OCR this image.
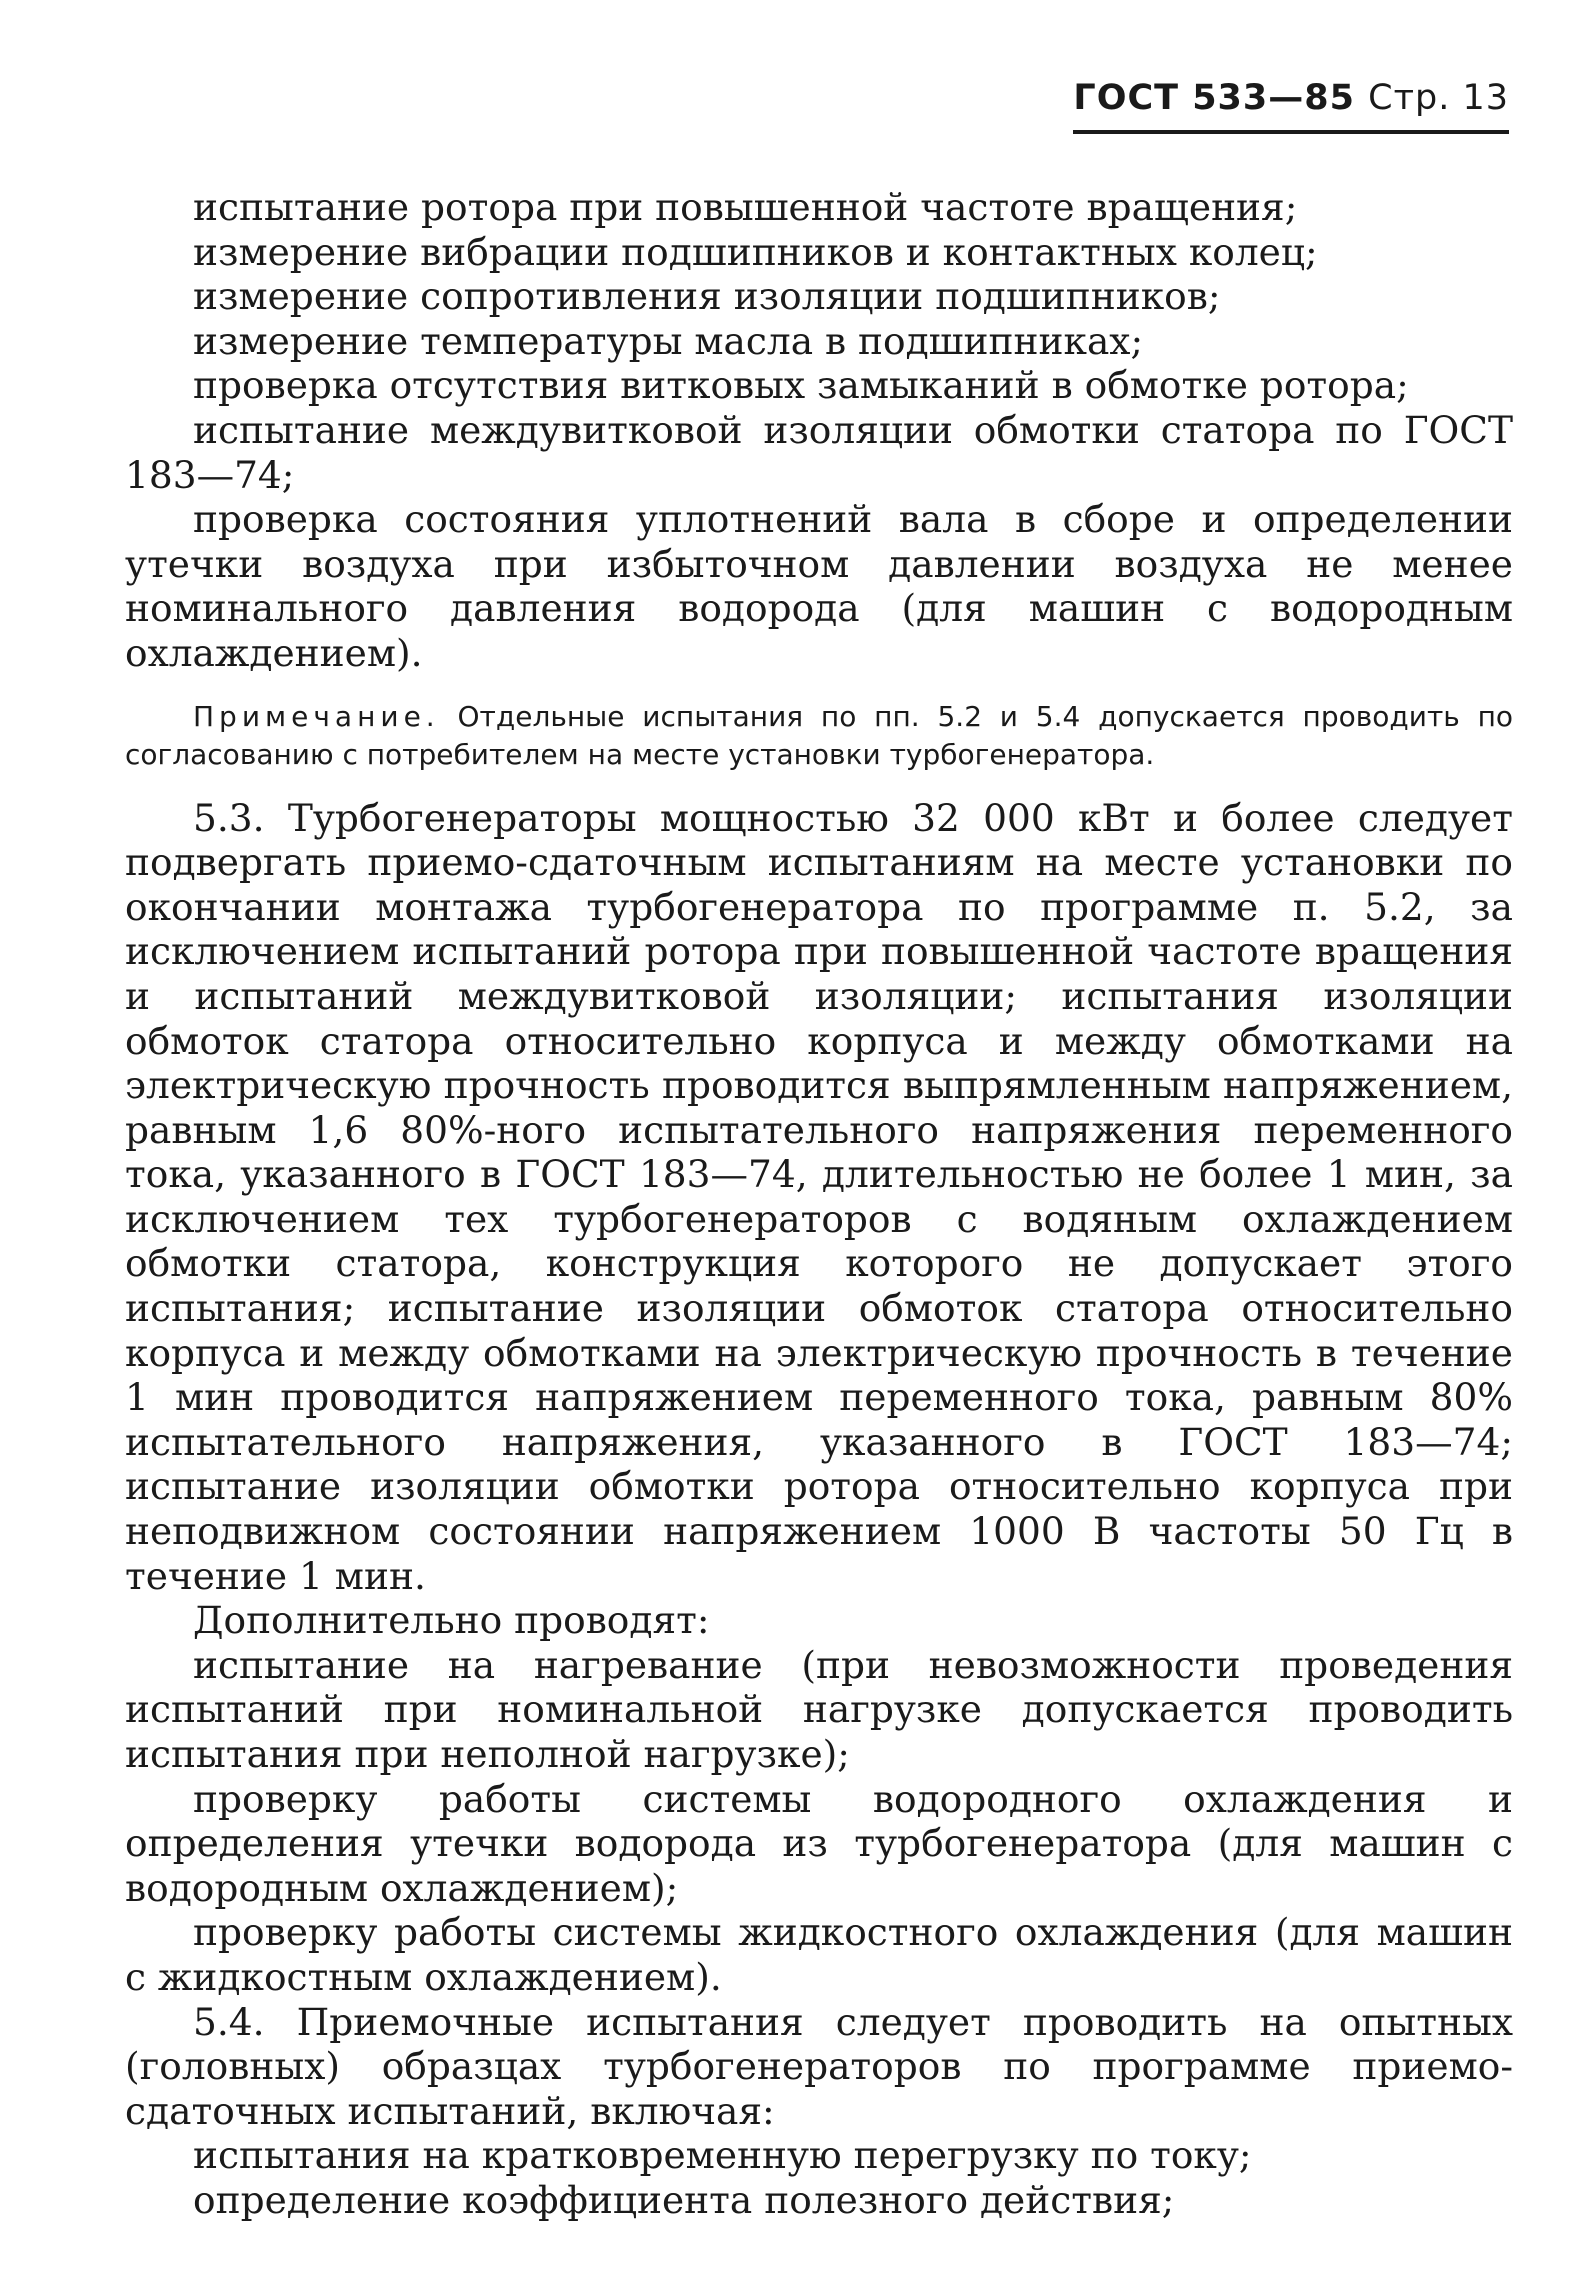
ГОСТ 533—85 Стр. 13

испытание ротора при повышенной частоте вращения;

измерение вибрации подшипников и контактных колец;

измерение сопротивления изоляции подшипников;

измерение температуры масла в подшипниках;

проверка отсутствия витковых замыканий в обмотке ротора;

испытание междувитковой изоляции обмотки статора по ГОСТ 183—74;

проверка состояния уплотнений вала в сборе и определении утечки воздуха при избыточном давлении воздуха не менее номинального давления водорода (для машин с водородным охлаждением).

Примечание. Отдельные испытания по пп. 5.2 и 5.4 допускается проводить по согласованию с потребителем на месте установки турбогенератора.

5.3. Турбогенераторы мощностью 32 000 кВт и более следует подвергать приемо-сдаточным испытаниям на месте установки по окончании монтажа турбогенератора по программе п. 5.2, за исключением испытаний ротора при повышенной частоте вращения и испытаний междувитковой изоляции; испытания изоляции обмоток статора относительно корпуса и между обмотками на электрическую прочность проводится выпрямленным напряжением, равным 1,6 80%-ного испытательного напряжения переменного тока, указанного в ГОСТ 183—74, длительностью не более 1 мин, за исключением тех турбогенераторов с водяным охлаждением обмотки статора, конструкция которого не допускает этого испытания; испытание изоляции обмоток статора относительно корпуса и между обмотками на электрическую прочность в течение 1 мин проводится напряжением переменного тока, равным 80% испытательного напряжения, указанного в ГОСТ 183—74; испытание изоляции обмотки ротора относительно корпуса при неподвижном состоянии напряжением 1000 В частоты 50 Гц в течение 1 мин.

Дополнительно проводят:

испытание на нагревание (при невозможности проведения испытаний при номинальной нагрузке допускается проводить испытания при неполной нагрузке);

проверку работы системы водородного охлаждения и определения утечки водорода из турбогенератора (для машин с водородным охлаждением);

проверку работы системы жидкостного охлаждения (для машин с жидкостным охлаждением).

5.4. Приемочные испытания следует проводить на опытных (головных) образцах турбогенераторов по программе приемо-сдаточных испытаний, включая:

испытания на кратковременную перегрузку по току;

определение коэффициента полезного действия;
